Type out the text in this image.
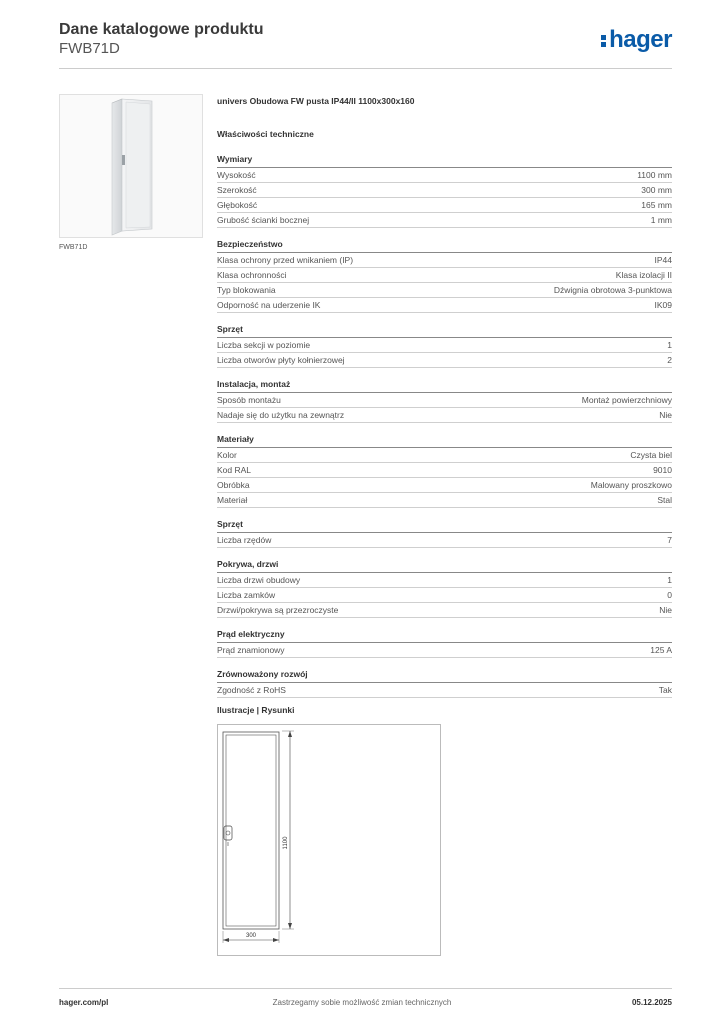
Dane katalogowe produktu
FWB71D	hager
FWB71D
univers Obudowa FW pusta IP44/II 1100x300x160
Właściwości techniczne
Wymiary
Wysokość	1100 mm
Szerokość	300 mm
Głębokość	165 mm
Grubość ścianki bocznej	1 mm
Bezpieczeństwo
Klasa ochrony przed wnikaniem (IP)	IP44
Klasa ochronności	Klasa izolacji II
Typ blokowania	Dźwignia obrotowa 3-punktowa
Odporność na uderzenie IK	IK09
Sprzęt
Liczba sekcji w poziomie	1
Liczba otworów płyty kołnierzowej	2
Instalacja, montaż
Sposób montażu	Montaż powierzchniowy
Nadaje się do użytku na zewnątrz	Nie
Materiały
Kolor	Czysta biel
Kod RAL	9010
Obróbka	Malowany proszkowo
Materiał	Stal
Sprzęt
Liczba rzędów	7
Pokrywa, drzwi
Liczba drzwi obudowy	1
Liczba zamków	0
Drzwi/pokrywa są przezroczyste	Nie
Prąd elektryczny
Prąd znamionowy	125 A
Zrównoważony rozwój
Zgodność z RoHS	Tak
Ilustracje | Rysunki
1100
300
Zastrzegamy sobie możliwość zmian technicznych
hager.com/pl	05.12.2025
